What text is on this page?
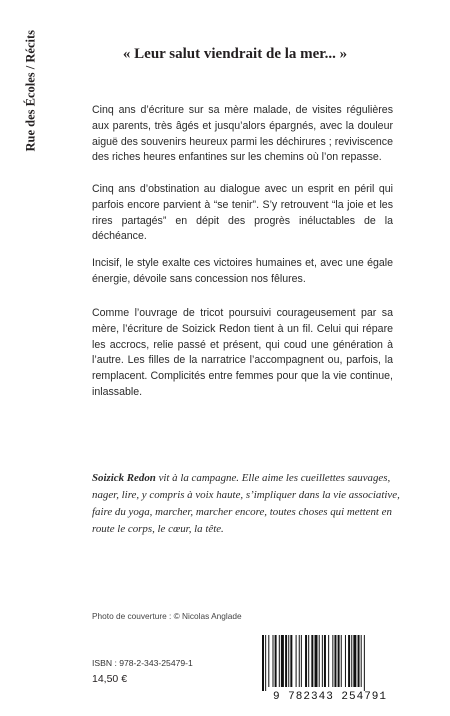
Rue des Écoles / Récits	« Leur salut viendrait de la mer... »

Cinq ans d’écriture sur sa mère malade, de visites régulières aux parents, très âgés et jusqu’alors épargnés, avec la douleur aiguë des souvenirs heureux parmi les déchirures ; reviviscence des riches heures enfantines sur les chemins où l’on repasse.

Cinq ans d’obstination au dialogue avec un esprit en péril qui parfois encore parvient à “se tenir”. S’y retrouvent “la joie et les rires partagés” en dépit des progrès inéluctables de la déchéance.

Incisif, le style exalte ces victoires humaines et, avec une égale énergie, dévoile sans concession nos fêlures.

Comme l’ouvrage de tricot poursuivi courageusement par sa mère, l’écriture de Soizick Redon tient à un fil. Celui qui répare les accrocs, relie passé et présent, qui coud une génération à l’autre. Les filles de la narratrice l’accompagnent ou, parfois, la remplacent. Complicités entre femmes pour que la vie continue, inlassable.

Soizick Redon vit à la campagne. Elle aime les cueillettes sauvages, nager, lire, y compris à voix haute, s’impliquer dans la vie associative, faire du yoga, marcher, marcher encore, toutes choses qui mettent en route le corps, le cœur, la tête.
Photo de couverture : © Nicolas Anglade
ISBN : 978-2-343-25479-1
14,50 €
9 782343 254791
